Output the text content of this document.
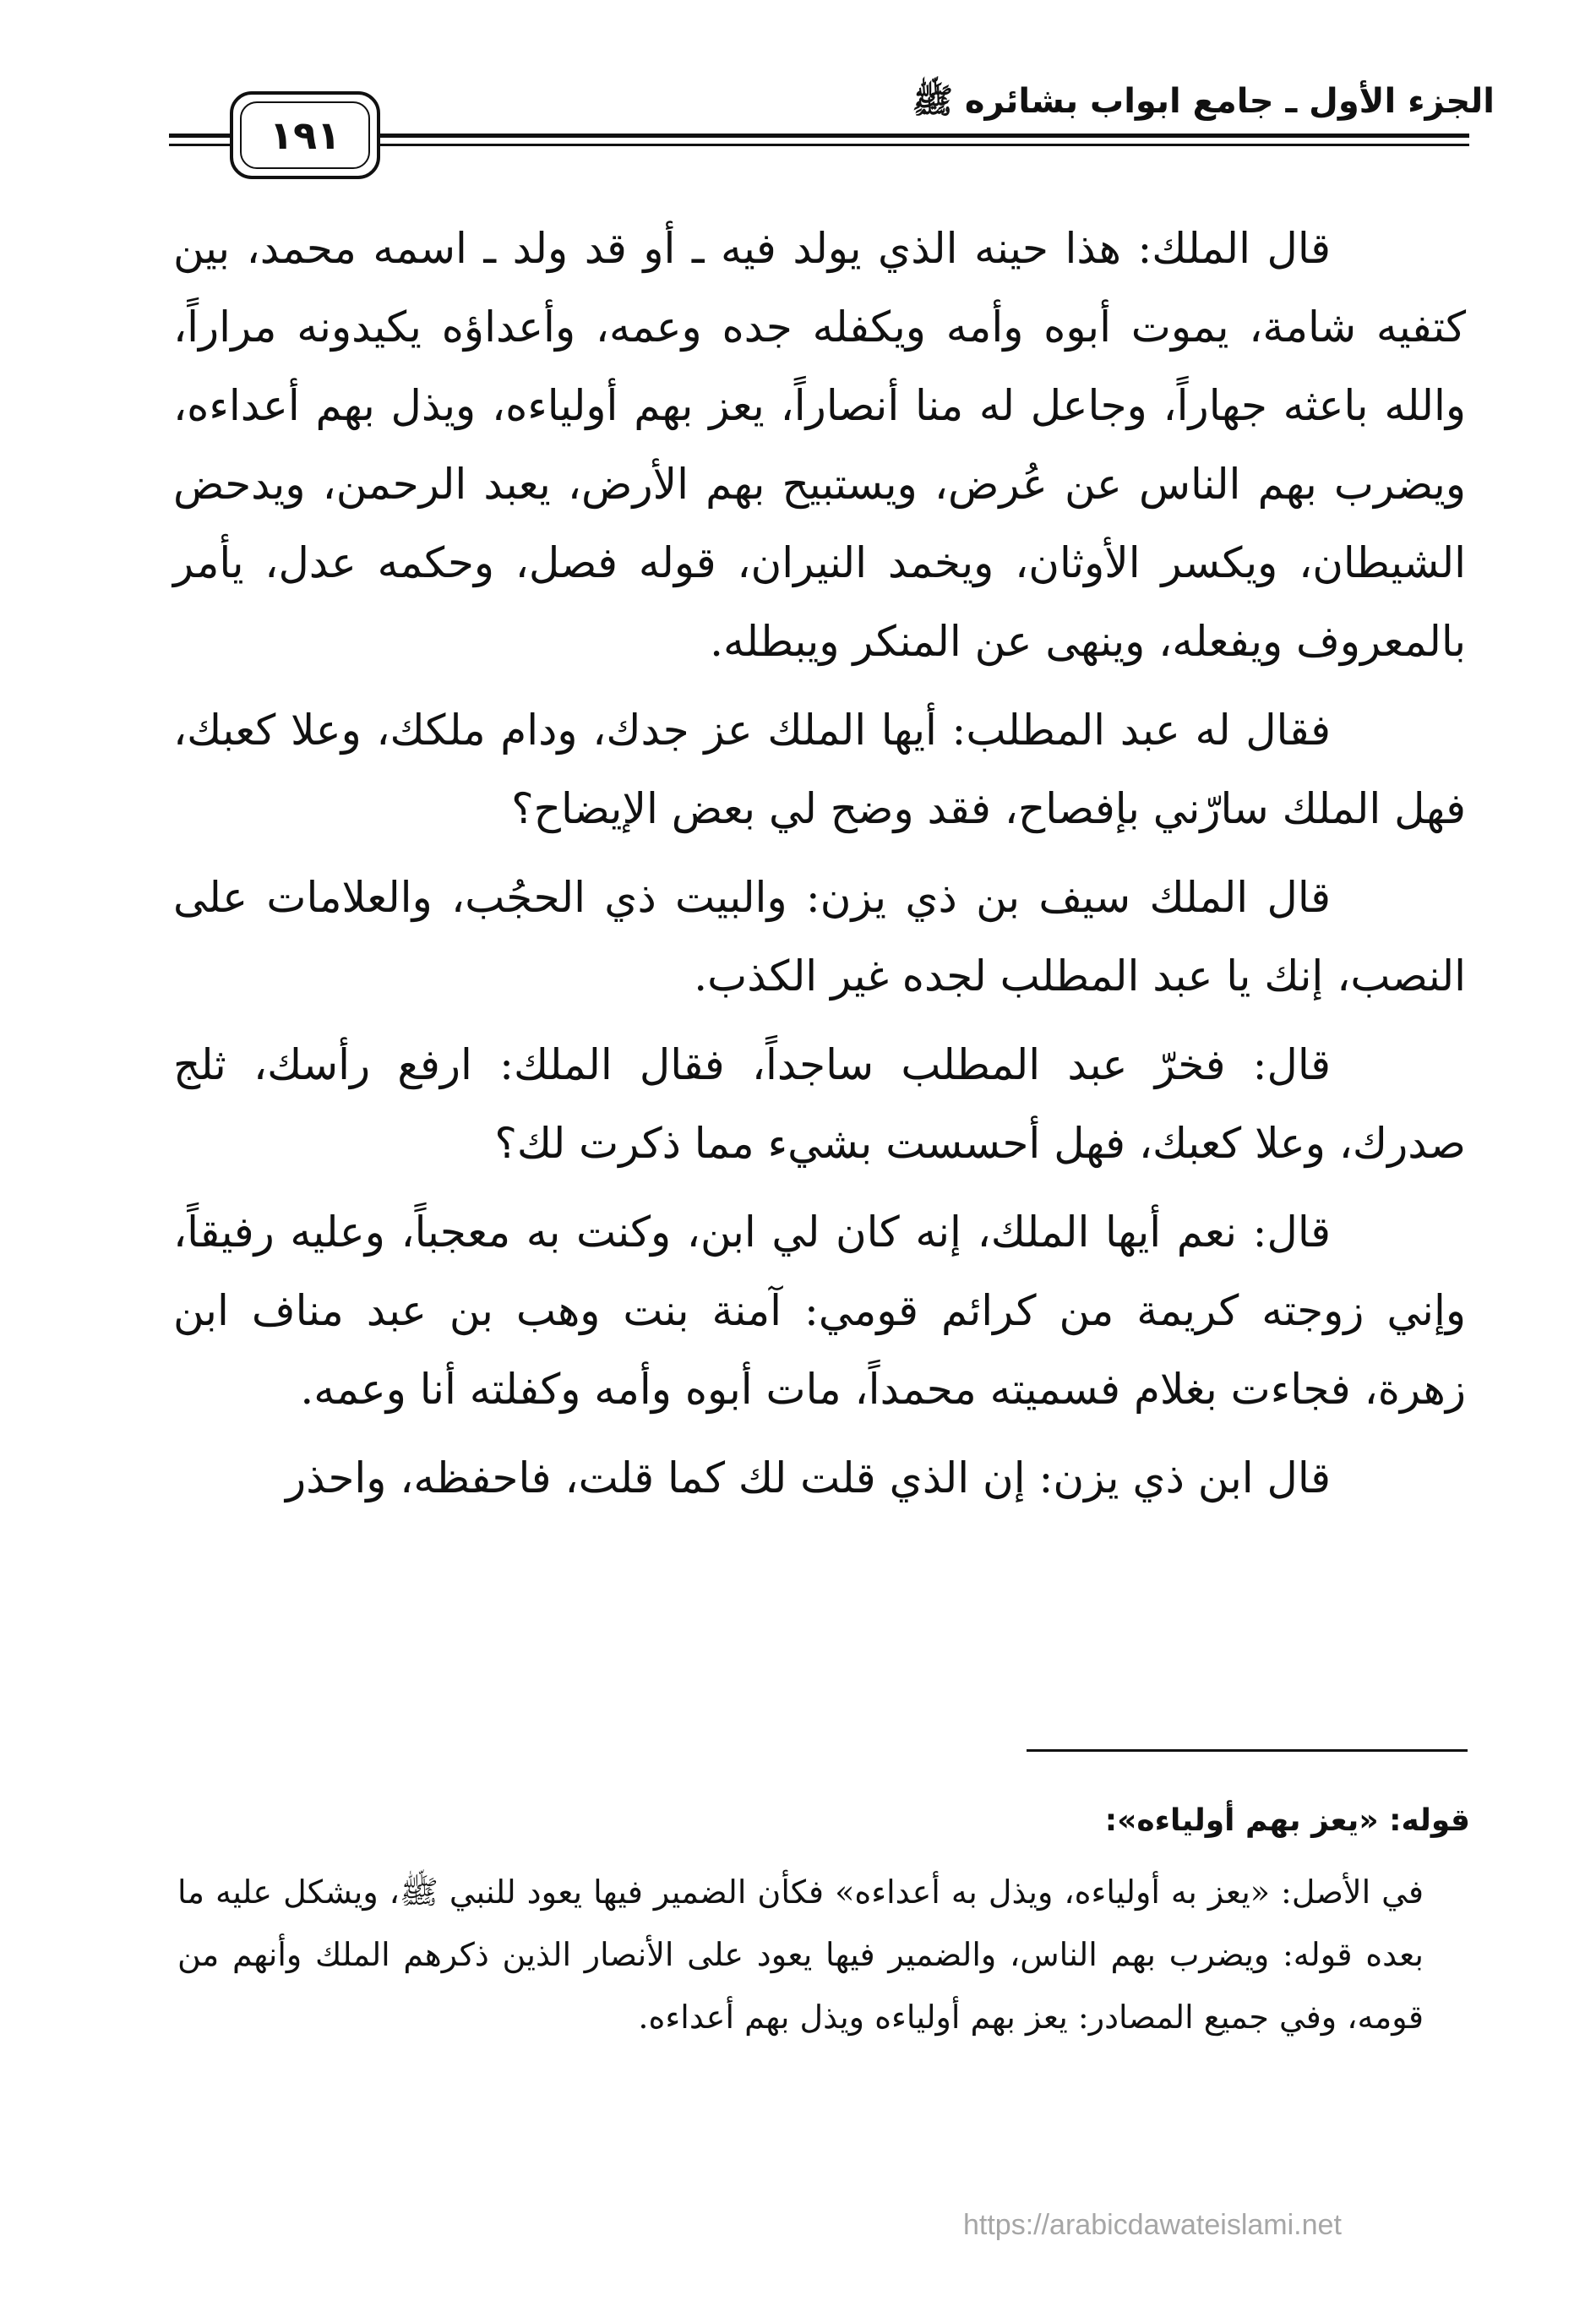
الجزء الأول ـ جامع ابواب بشائره ﷺ
١٩١

قال الملك: هذا حينه الذي يولد فيه ـ أو قد ولد ـ اسمه محمد، بين كتفيه شامة، يموت أبوه وأمه ويكفله جده وعمه، وأعداؤه يكيدونه مراراً، والله باعثه جهاراً، وجاعل له منا أنصاراً، يعز بهم أولياءه، ويذل بهم أعداءه، ويضرب بهم الناس عن عُرض، ويستبيح بهم الأرض، يعبد الرحمن، ويدحض الشيطان، ويكسر الأوثان، ويخمد النيران، قوله فصل، وحكمه عدل، يأمر بالمعروف ويفعله، وينهى عن المنكر ويبطله.

فقال له عبد المطلب: أيها الملك عز جدك، ودام ملكك، وعلا كعبك، فهل الملك سارّني بإفصاح، فقد وضح لي بعض الإيضاح؟

قال الملك سيف بن ذي يزن: والبيت ذي الحجُب، والعلامات على النصب، إنك يا عبد المطلب لجده غير الكذب.

قال: فخرّ عبد المطلب ساجداً، فقال الملك: ارفع رأسك، ثلج صدرك، وعلا كعبك، فهل أحسست بشيء مما ذكرت لك؟

قال: نعم أيها الملك، إنه كان لي ابن، وكنت به معجباً، وعليه رفيقاً، وإني زوجته كريمة من كرائم قومي: آمنة بنت وهب بن عبد مناف ابن زهرة، فجاءت بغلام فسميته محمداً، مات أبوه وأمه وكفلته أنا وعمه.

قال ابن ذي يزن: إن الذي قلت لك كما قلت، فاحفظه، واحذر

قوله: «يعز بهم أولياءه»:

في الأصل: «يعز به أولياءه، ويذل به أعداءه» فكأن الضمير فيها يعود للنبي ﷺ، ويشكل عليه ما بعده قوله: ويضرب بهم الناس، والضمير فيها يعود على الأنصار الذين ذكرهم الملك وأنهم من قومه، وفي جميع المصادر: يعز بهم أولياءه ويذل بهم أعداءه.

https://arabicdawateislami.net
